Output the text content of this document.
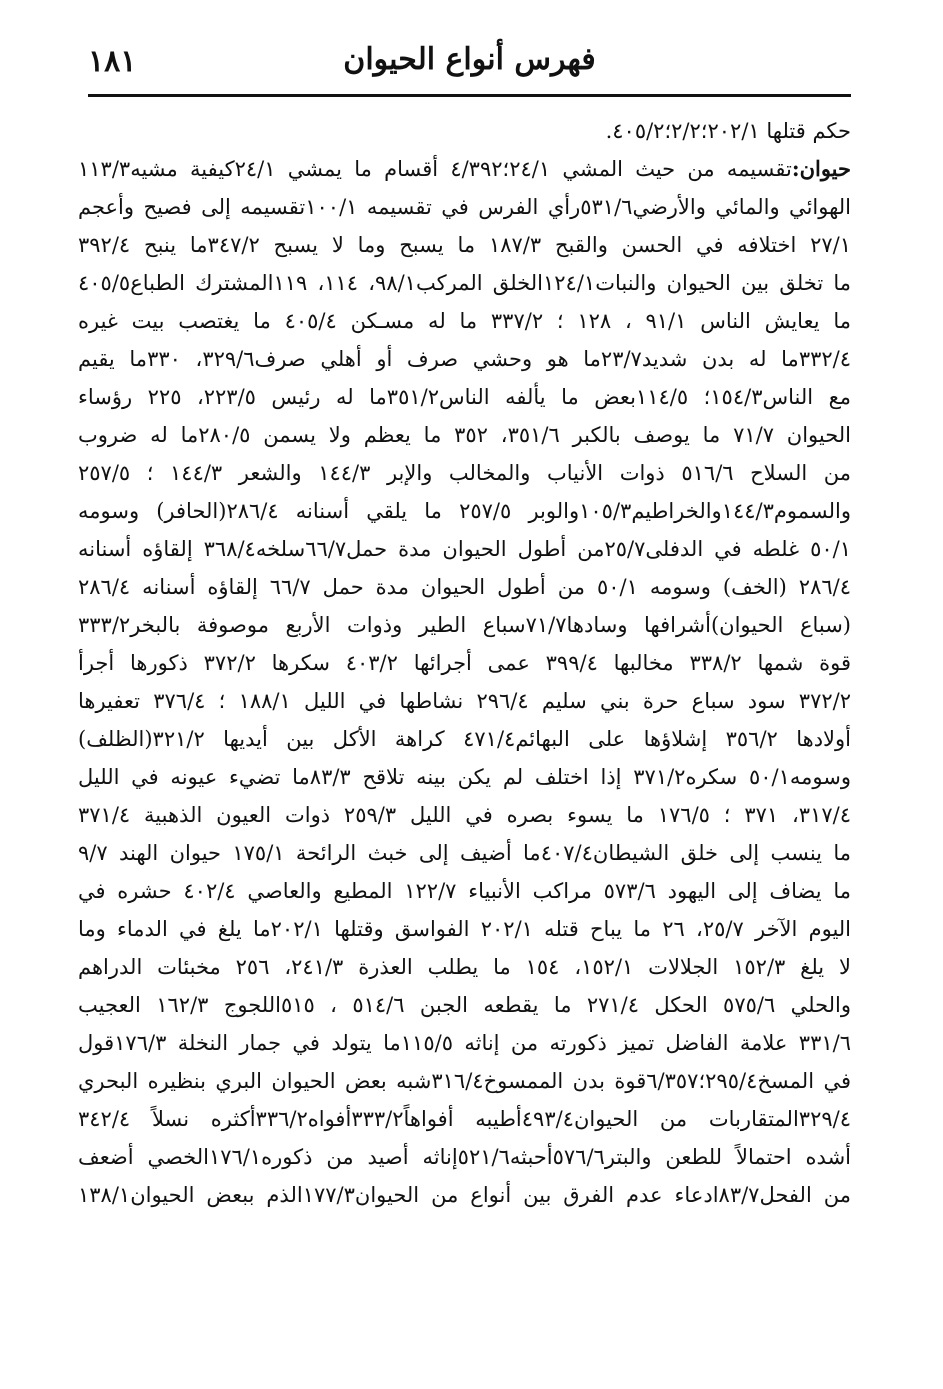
فهرس أنواع الحيوان
١٨١
حكم قتلها ٢٠٢/١؛٢/٢؛٤٠٥/٢.
حيوان:تقسيمه من حيث المشي ٢٤/١؛٤/٣٩٢ أقسام ما يمشي ٢٤/١كيفية مشيه١١٣/٣
الهوائي والمائي والأرضي٥٣١/٦رأي الفرس في تقسيمه ١٠٠/١تقسيمه إلى فصيح وأعجم
٢٧/١ اختلافه في الحسن والقبح ١٨٧/٣ ما يسبح وما لا يسبح ٣٤٧/٢ما ينبح ٣٩٢/٤
ما تخلق بين الحيوان والنبات١٢٤/١الخلق المركب٩٨/١، ١١٤، ١١٩المشترك الطباع٤٠٥/٥
ما يعايش الناس ٩١/١ ، ١٢٨ ؛ ٣٣٧/٢ ما له مسـكن ٤٠٥/٤ ما يغتصب بيت غيره
٣٣٢/٤ما له بدن شديد٢٣/٧ما هو وحشي صرف أو أهلي صرف٣٢٩/٦، ٣٣٠ما يقيم
مع الناس١٥٤/٣؛ ١١٤/٥بعض ما يألفه الناس٣٥١/٢ما له رئيس ٢٢٣/٥، ٢٢٥ رؤساء
الحيوان ٧١/٧ ما يوصف بالكبر ٣٥١/٦، ٣٥٢ ما يعظم ولا يسمن ٢٨٠/٥ما له ضروب
من السلاح ٥١٦/٦ ذوات الأنياب والمخالب والإبر ١٤٤/٣ والشعر ١٤٤/٣ ؛ ٢٥٧/٥
والسموم١٤٤/٣والخراطيم١٠٥/٣والوبر ٢٥٧/٥ ما يلقي أسنانه ٢٨٦/٤(الحافر) وسومه
٥٠/١ غلطه في الدفلى٢٥/٧من أطول الحيوان مدة حمل٦٦/٧سلخه٣٦٨/٤ إلقاؤه أسنانه
٢٨٦/٤ (الخف) وسومه ٥٠/١ من أطول الحيوان مدة حمل ٦٦/٧ إلقاؤه أسنانه ٢٨٦/٤
(سباع الحيوان)أشرافها وسادها٧١/٧سباع الطير وذوات الأربع موصوفة بالبخر٣٣٣/٢
قوة شمها ٣٣٨/٢ مخالبها ٣٩٩/٤ عمى أجرائها ٤٠٣/٢ سكرها ٣٧٢/٢ ذكورها أجرأ
٣٧٢/٢ سود سباع حرة بني سليم ٢٩٦/٤ نشاطها في الليل ١٨٨/١ ؛ ٣٧٦/٤ تعفيرها
أولادها ٣٥٦/٢ إشلاؤها على البهائم٤٧١/٤ كراهة الأكل بين أيديها ٣٢١/٢(الظلف)
وسومه٥٠/١ سكره٣٧١/٢ إذا اختلف لم يكن بينه تلاقح ٨٣/٣ما تضيء عيونه في الليل
٣١٧/٤، ٣٧١ ؛ ١٧٦/٥ ما يسوء بصره في الليل ٢٥٩/٣ ذوات العيون الذهبية ٣٧١/٤
ما ينسب إلى خلق الشيطان٤٠٧/٤ما أضيف إلى خبث الرائحة ١٧٥/١ حيوان الهند ٩/٧
ما يضاف إلى اليهود ٥٧٣/٦ مراكب الأنبياء ١٢٢/٧ المطيع والعاصي ٤٠٢/٤ حشره في
اليوم الآخر ٢٥/٧، ٢٦ ما يباح قتله ٢٠٢/١ الفواسق وقتلها ٢٠٢/١ما يلغ في الدماء وما
لا يلغ ١٥٢/٣ الجلالات ١٥٢/١، ١٥٤ ما يطلب العذرة ٢٤١/٣، ٢٥٦ مخبئات الدراهم
والحلي ٥٧٥/٦ الحكل ٢٧١/٤ ما يقطعه الجبن ٥١٤/٦ ، ٥١٥اللجوج ١٦٢/٣ العجيب
٣٣١/٦ علامة الفاضل تميز ذكورته من إناثه ١١٥/٥ما يتولد في جمار النخلة ١٧٦/٣قول
في المسخ٢٩٥/٤؛٦/٣٥٧قوة بدن الممسوخ٣١٦/٤شبه بعض الحيوان البري بنظيره البحري
٣٢٩/٤المتقاربات من الحيوان٤٩٣/٤أطيبه أفواهاً٣٣٣/٢أفواه٣٣٦/٢أكثره نسلاً ٣٤٢/٤
أشده احتمالاً للطعن والبتر٥٧٦/٦أحبثه٥٢١/٦إناثه أصيد من ذكوره١٧٦/١الخصي أضعف
من الفحل٨٣/٧ادعاء عدم الفرق بين أنواع من الحيوان١٧٧/٣الذم ببعض الحيوان١٣٨/١
